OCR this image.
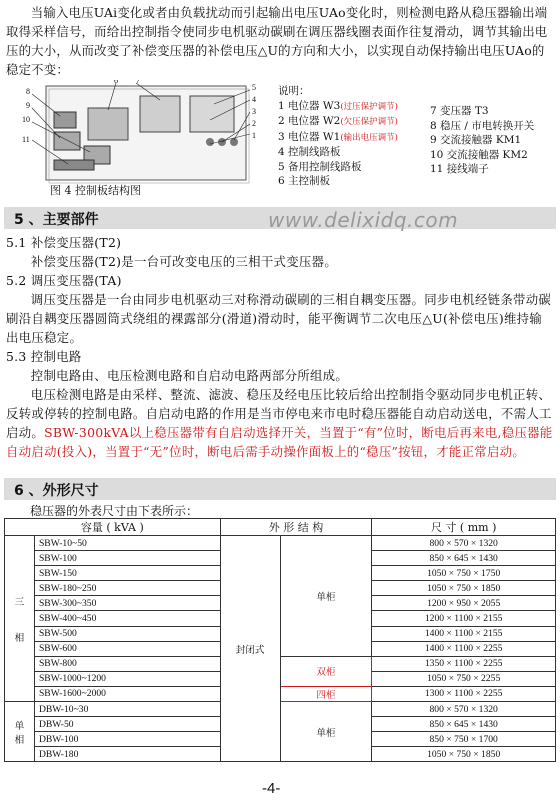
当输入电压UAi变化或者由负载扰动而引起输出电压UAo变化时，则检测电路从稳压器输出端取得采样信号，而给出控制指令使同步电机驱动碳刷在调压器线圈表面作往复滑动，调节其输出电压的大小，从而改变了补偿变压器的补偿电压△U的方向和大小，以实现自动保持输出电压UAo的稳定不变：
8
9
10
11
6 7
5
4
3
2
1
图 4 控制板结构图
说明：
1 电位器 W3(过压保护调节)
2 电位器 W2(欠压保护调节)
3 电位器 W1(输出电压调节)
4 控制线路板
5 备用控制线路板
6 主控制板
7 变压器 T3
8 稳压 / 市电转换开关
9 交流接触器 KM1
10 交流接触器 KM2
11 接线端子
5 、主要部件	www.delixidq.com

5.1 补偿变压器(T2)

补偿变压器(T2)是一台可改变电压的三相干式变压器。

5.2 调压变压器(TA)

调压变压器是一台由同步电机驱动三对称滑动碳刷的三相自耦变压器。同步电机经链条带动碳刷沿自耦变压器圆筒式绕组的裸露部分(滑道)滑动时，能平衡调节二次电压△U(补偿电压)维持输出电压稳定。

5.3 控制电路

控制电路由、电压检测电路和自启动电路两部分所组成。

电压检测电路是由采样、整流、滤波、稳压及经电压比较后给出控制指令驱动同步电机正转、反转或停转的控制电路。自启动电路的作用是当市停电来市电时稳压器能自动启动送电，不需人工启动。SBW-300kVA以上稳压器带有自启动选择开关，当置于“有”位时，断电后再来电,稳压器能自动启动(投入)，当置于“无”位时，断电后需手动操作面板上的“稳压”按钮，才能正常启动。

6 、外形尺寸
稳压器的外表尺寸由下表所示：
容量 ( kVA )		外 形 结 构		尺 寸 ( mm )
三

相	SBW-10~50	封闭式	单柜	800 × 570 × 1320
	SBW-100			850 × 645 × 1430
	SBW-150			1050 × 750 × 1750
	SBW-180~250			1050 × 750 × 1850
	SBW-300~350			1200 × 950 × 2055
	SBW-400~450			1200 × 1100 × 2155
	SBW-500			1400 × 1100 × 2155
	SBW-600			1400 × 1100 × 2255
	SBW-800		双柜	1350 × 1100 × 2255
	SBW-1000~1200			1050 × 750 × 2255
	SBW-1600~2000		四柜	1300 × 1100 × 2255
单
相	DBW-10~30		单柜	800 × 570 × 1320
	DBW-50			850 × 645 × 1430
	DBW-100			850 × 750 × 1700
	DBW-180			1050 × 750 × 1850
-4-
